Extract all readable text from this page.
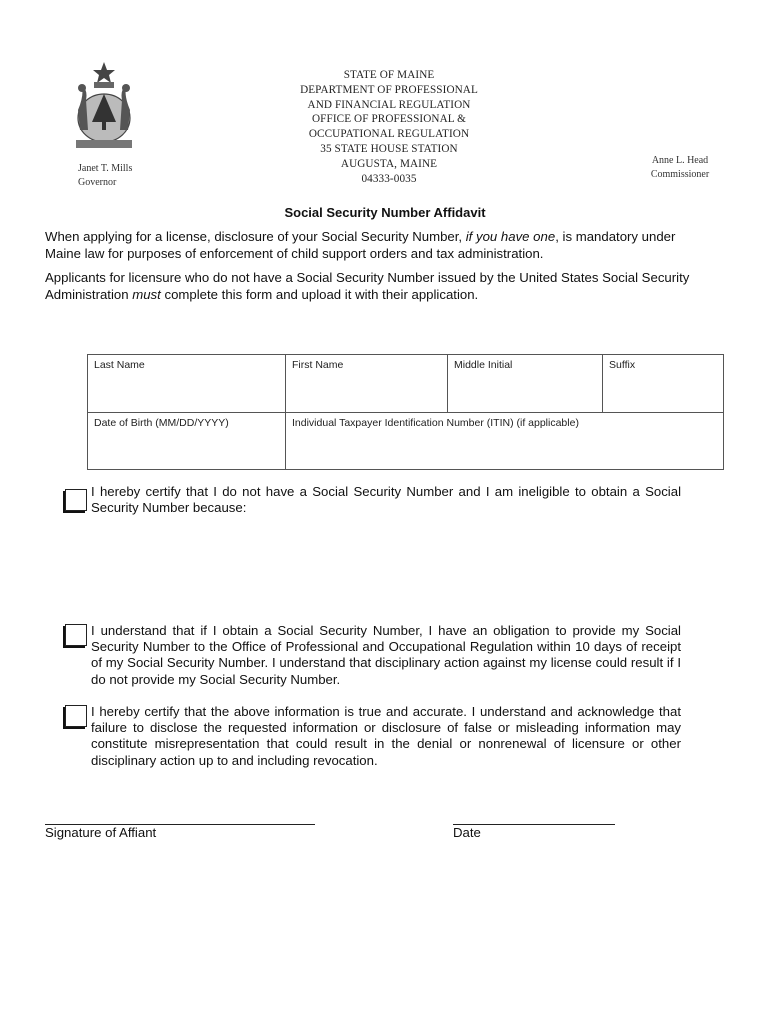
Janet T. Mills
Governor
STATE OF MAINE
DEPARTMENT OF PROFESSIONAL
AND FINANCIAL REGULATION
OFFICE OF PROFESSIONAL &
OCCUPATIONAL REGULATION
35 STATE HOUSE STATION
AUGUSTA, MAINE
04333-0035
Anne L. Head
Commissioner
Social Security Number Affidavit
When applying for a license, disclosure of your Social Security Number, if you have one, is mandatory under Maine law for purposes of enforcement of child support orders and tax administration.
Applicants for licensure who do not have a Social Security Number issued by the United States Social Security Administration must complete this form and upload it with their application.
Last Name	First Name	Middle Initial	Suffix
Date of Birth (MM/DD/YYYY)	Individual Taxpayer Identification Number (ITIN) (if applicable)		
I hereby certify that I do not have a Social Security Number and I am ineligible to obtain a Social Security Number because:
I understand that if I obtain a Social Security Number, I have an obligation to provide my Social Security Number to the Office of Professional and Occupational Regulation within 10 days of receipt of my Social Security Number. I understand that disciplinary action against my license could result if I do not provide my Social Security Number.
I hereby certify that the above information is true and accurate. I understand and acknowledge that failure to disclose the requested information or disclosure of false or misleading information may constitute misrepresentation that could result in the denial or nonrenewal of licensure or other disciplinary action up to and including revocation.
Signature of Affiant	Date
